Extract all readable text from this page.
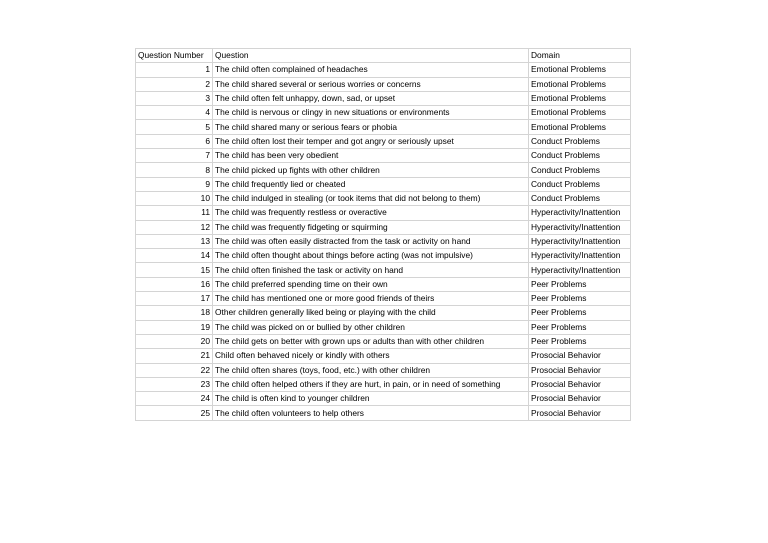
Question Number	Question	Domain
1	The child often complained of headaches	Emotional Problems
2	The child shared several or serious worries or concerns	Emotional Problems
3	The child often felt unhappy, down, sad, or upset	Emotional Problems
4	The child is nervous or clingy in new situations or environments	Emotional Problems
5	The child shared many or serious fears or phobia	Emotional Problems
6	The child often lost their temper and got angry or seriously upset	Conduct Problems
7	The child has been very obedient	Conduct Problems
8	The child picked up fights with other children	Conduct Problems
9	The child frequently lied or cheated	Conduct Problems
10	The child indulged in stealing (or took items that did not belong to them)	Conduct Problems
11	The child was frequently restless or overactive	Hyperactivity/Inattention
12	The child was frequently fidgeting or squirming	Hyperactivity/Inattention
13	The child was often easily distracted from the task or activity on hand	Hyperactivity/Inattention
14	The child often thought about things before acting (was not impulsive)	Hyperactivity/Inattention
15	The child often finished the task or activity on hand	Hyperactivity/Inattention
16	The child preferred spending time on their own	Peer Problems
17	The child has mentioned one or more good friends of theirs	Peer Problems
18	Other children generally liked being or playing with the child	Peer Problems
19	The child was picked on or bullied by other children	Peer Problems
20	The child gets on better with grown ups or adults than with other children	Peer Problems
21	Child often behaved nicely or kindly with others	Prosocial Behavior
22	The child often shares (toys, food, etc.) with other children	Prosocial Behavior
23	The child often helped others if they are hurt, in pain, or in need of something	Prosocial Behavior
24	The child is often kind to younger children	Prosocial Behavior
25	The child often volunteers to help others	Prosocial Behavior
